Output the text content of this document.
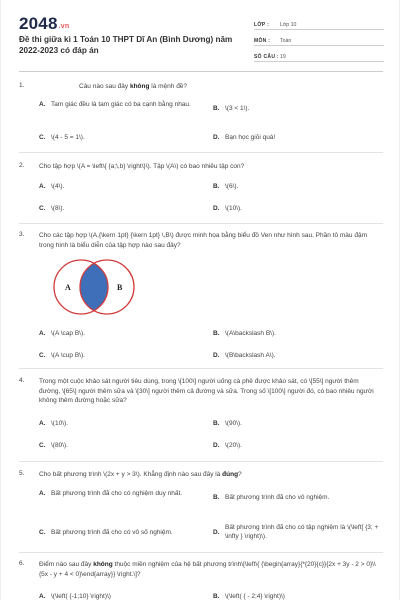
2048.vn
Đề thi giữa kì 1 Toán 10 THPT Dĩ An (Bình Dương) năm 2022-2023 có đáp án
LỚP :	Lớp 10
MÔN :	Toán
SỐ CÂU : 19
1.	Câu nào sau đây không là mệnh đề?
A. Tam giác đều là tam giác có ba cạnh bằng nhau.
B. \(3 < 1\).
C. \(4 - 5 = 1\).	D. Bạn học giỏi quá!
2. Cho tập hợp \(A = \left\{ {a;\,b} \right\}\). Tập \(A\) có bao nhiêu tập con?
A. \(4\).	B. \(6\).
C. \(8\).	D. \(10\).
3. Cho các tập hợp \(A,{\kern 1pt} {\kern 1pt} \,B\) được minh họa bằng biểu đồ Ven như hình sau. Phần tô màu đậm trong hình là biểu diễn của tập hợp nào sau đây?
A	B
A. \(A \cap B\).	B. \(A\backslash B\).
C. \(A \cup B\).	D. \(B\backslash A\).
4. Trong một cuộc khảo sát người tiêu dùng, trong \[100\] người uống cà phê được khảo sát, có \[55\] người thêm đường, \[65\] người thêm sữa và \[30\] người thêm cả đường và sữa. Trong số \[100\] người đó, có bao nhiêu người không thêm đường hoặc sữa?
A. \(10\).	B. \(90\).
C. \(80\).	D. \(20\).
5. Cho bất phương trình \(2x + y > 3\). Khẳng định nào sau đây là đúng?
A. Bất phương trình đã cho có nghiệm duy nhất.
B. Bất phương trình đã cho vô nghiệm.
C. Bất phương trình đã cho có vô số nghiệm.	D.
Bất phương trình đã cho có tập nghiệm là \(\left[ {3; + \infty } \right)\).
6. Điểm nào sau đây không thuộc miền nghiệm của hệ bất phương trình\[\left\{ {\begin{array}{*{20}{c}}{2x + 3y - 2 > 0}\\{5x - y + 4 < 0}\end{array}} \right.\]?
A. \(\left( {-1;10} \right)\)	B. \(\left( { - 2;4} \right)\)
